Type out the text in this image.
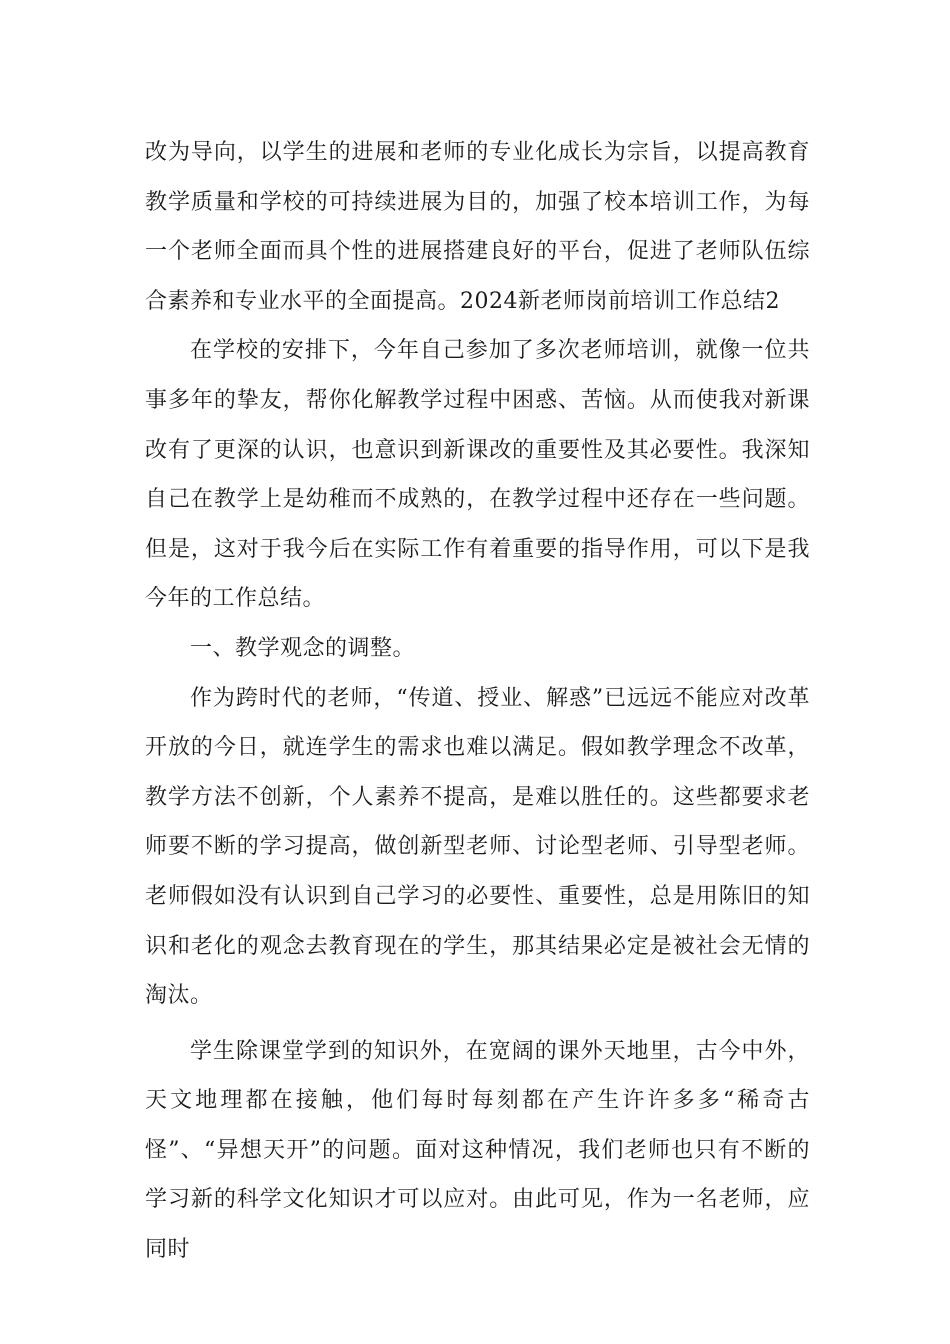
改为导向，以学生的进展和老师的专业化成长为宗旨，以提高教育教学质量和学校的可持续进展为目的，加强了校本培训工作，为每一个老师全面而具个性的进展搭建良好的平台，促进了老师队伍综合素养和专业水平的全面提高。2024新老师岗前培训工作总结2

在学校的安排下，今年自己参加了多次老师培训，就像一位共事多年的挚友，帮你化解教学过程中困惑、苦恼。从而使我对新课改有了更深的认识，也意识到新课改的重要性及其必要性。我深知自己在教学上是幼稚而不成熟的，在教学过程中还存在一些问题。但是，这对于我今后在实际工作有着重要的指导作用，可以下是我今年的工作总结。

一、教学观念的调整。

作为跨时代的老师，“传道、授业、解惑”已远远不能应对改革开放的今日，就连学生的需求也难以满足。假如教学理念不改革，教学方法不创新，个人素养不提高，是难以胜任的。这些都要求老师要不断的学习提高，做创新型老师、讨论型老师、引导型老师。老师假如没有认识到自己学习的必要性、重要性，总是用陈旧的知识和老化的观念去教育现在的学生，那其结果必定是被社会无情的淘汰。

学生除课堂学到的知识外，在宽阔的课外天地里，古今中外，天文地理都在接触，他们每时每刻都在产生许许多多“稀奇古怪”、“异想天开”的问题。面对这种情况，我们老师也只有不断的学习新的科学文化知识才可以应对。由此可见，作为一名老师，应同时
